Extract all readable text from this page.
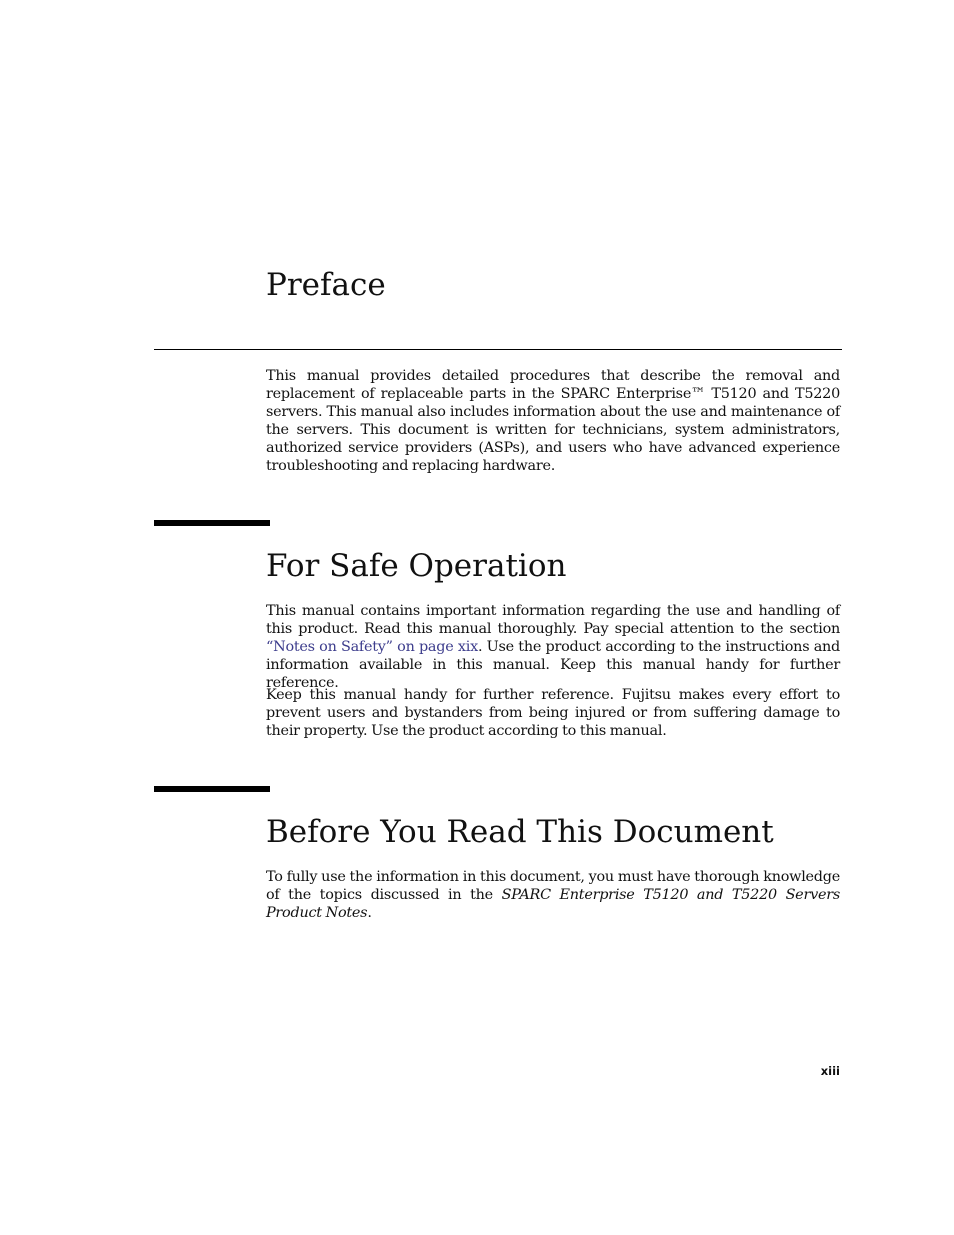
Preface

This manual provides detailed procedures that describe the removal and replacement of replaceable parts in the SPARC Enterprise™ T5120 and T5220 servers. This manual also includes information about the use and maintenance of the servers. This document is written for technicians, system administrators, authorized service providers (ASPs), and users who have advanced experience troubleshooting and replacing hardware.

For Safe Operation

This manual contains important information regarding the use and handling of this product. Read this manual thoroughly. Pay special attention to the section “Notes on Safety” on page xix. Use the product according to the instructions and information available in this manual. Keep this manual handy for further reference.

Keep this manual handy for further reference. Fujitsu makes every effort to prevent users and bystanders from being injured or from suffering damage to their property. Use the product according to this manual.

Before You Read This Document

To fully use the information in this document, you must have thorough knowledge of the topics discussed in the SPARC Enterprise T5120 and T5220 Servers Product Notes.

xiii
